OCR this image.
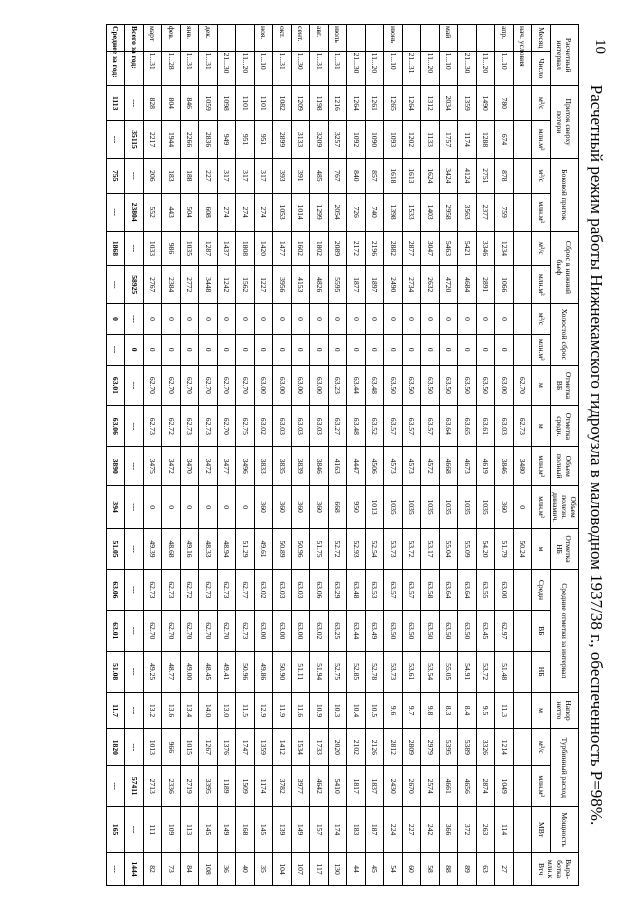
10
Расчетный режим работы Нижнекамского гидроузла в маловодном 1937/38 г., обеспеченность Р=98%.
Расчетный интервал		Приток сверху потери		Боковой приток		Сброс в нижний бьеф		Холостой сброс		Отметка ВБ	Отметка средн.	Объем полный	Объем полезн. динамич.	Отметка НБ	Средние отметки за интервал			Напор нетто	Турбинный расход		Мощность	Выра- ботка млн.к Втч
Месяц	Число	м³/с	млн.м³	м³/с	млн.м³	м³/с	млн.м³	м³/с	млн.м³	м	м	млн.м³	млн.м³	м	Средн	ВБ	НБ	м	м³/с	млн.м³	МВт	
нач. условия										62.70	62.73	3480	0	50.24								
апр.	1...10	780	674	878	759	1234	1066	0	0	63.00	63.03	3846	360	51.79	63.00	62.97	51.48	11.3	1214	1049	114	27
	11...20	1490	1288	2751	2377	3346	2891	0	0	63.50	63.61	4619	1035	54.20	63.55	63.45	53.72	9.5	3326	2874	263	63
	21...30	1359	1174	4124	3563	5421	4684	0	0	63.50	63.65	4673	1035	55.09	63.64	63.50	54.91	8.4	5389	4656	372	89
май	1...10	2034	1757	3424	2958	5463	4720	0	0	63.50	63.64	4668	1035	55.04	63.64	63.50	55.05	8.3	5395	4661	366	88
	11...20	1312	1133	1624	1403	3047	2632	0	0	63.50	63.57	4572	1035	53.17	63.58	63.50	53.54	9.8	2979	2574	242	58
	21...31	1264	1202	1613	1533	2877	2734	0	0	63.50	63.57	4573	1035	53.72	63.57	63.50	53.61	9.7	2809	2670	227	60
июнь	1...10	1265	1093	1618	1398	2882	2490	0	0	63.50	63.57	4573	1035	53.73	63.57	63.50	53.73	9.6	2812	2430	224	54
	11...20	1261	1090	857	740	2196	1897	0	0	63.48	63.52	4506	1013	52.54	63.53	63.49	52.78	10.5	2126	1837	187	45
	21...30	1264	1092	840	726	2172	1877	0	0	63.44	63.48	4447	950	52.93	63.48	63.44	52.85	10.4	2102	1817	183	44
июль	1...31	1216	3257	767	2054	2089	5595	0	0	63.23	63.27	4163	668	52.72	63.29	63.25	52.75	10.3	2020	5410	174	130
авг.	1...31	1198	3209	485	1299	1802	4826	0	0	63.00	63.03	3846	360	51.75	63.06	63.02	51.94	10.9	1733	4642	157	117
сент.	1...30	1209	3133	391	1014	1602	4153	0	0	63.00	63.03	3839	360	50.96	63.03	63.00	51.11	11.6	1534	3977	149	107
окт.	1...31	1082	2899	393	1053	1477	3956	0	0	63.00	63.03	3835	360	50.89	63.03	63.00	50.90	11.9	1412	3782	139	104
ноя.	1...10	1101	951	317	274	1420	1227	0	0	63.00	63.02	3833	360	49.61	63.02	63.00	49.86	12.9	1359	1174	145	35
	11...20	1101	951	317	274	1808	1562	0	0	62.70	62.75	3496	0	51.29	62.77	62.73	50.96	11.5	1747	1509	168	40
	21...30	1098	949	317	274	1437	1242	0	0	62.70	62.70	3477	0	48.94	62.73	62.70	49.41	13.0	1376	1189	149	36
дек.	1...31	1059	2836	227	608	1287	3448	0	0	62.70	62.73	3472	0	48.33	62.73	62.70	48.45	14.0	1267	3395	145	108
янв.	1...31	846	2266	188	504	1035	2772	0	0	62.70	62.73	3470	0	49.16	62.72	62.70	49.00	13.4	1015	2719	113	84
фев.	1...28	804	1944	183	443	986	2384	0	0	62.70	62.72	3472	0	48.68	62.73	62.70	48.77	13.6	966	2336	109	73
март	1...31	828	2217	206	552	1033	2767	0	0	62.70	62.73	3475	0	49.39	62.73	62.70	49.25	13.2	1013	2713	111	82
Всего за год:		---	35115	---	23804	---	58925	---	0	---	---	---	---	---	---	---	---	---	---	57411	---	1444
Среднее за год:		1113	---	755	---	1868	---	0	---	63.01	63.06	3890	394	51.05	63.06	63.01	51.08	11.7	1820	---	165	---
